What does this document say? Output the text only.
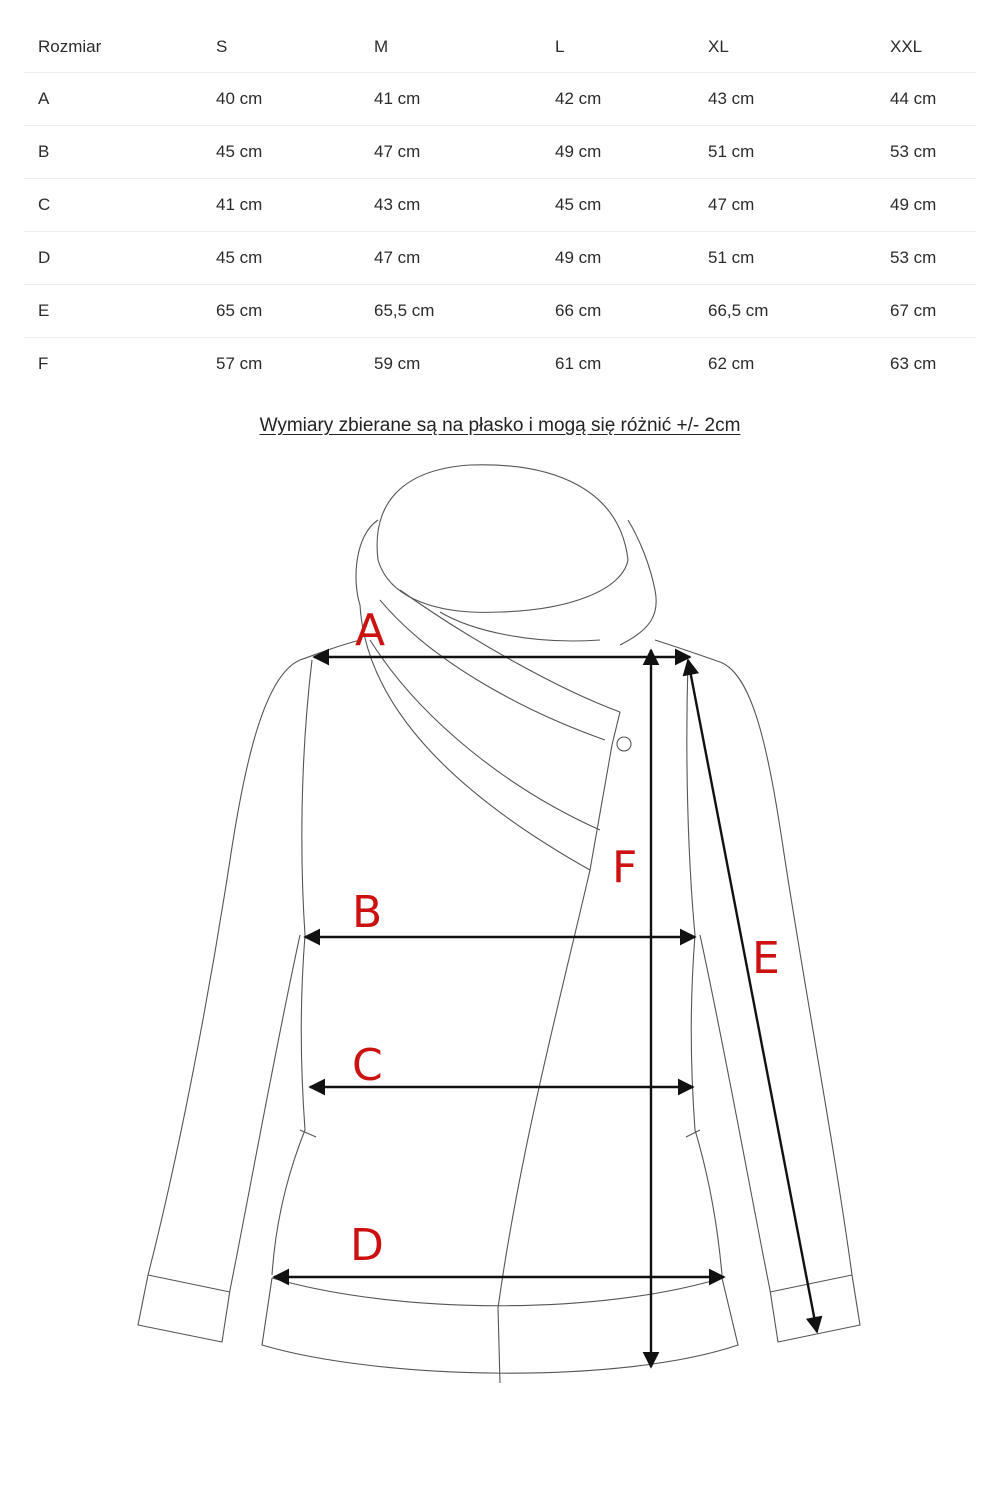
Rozmiar	S	M	L	XL	XXL
A	40 cm	41 cm	42 cm	43 cm	44 cm
B	45 cm	47 cm	49 cm	51 cm	53 cm
C	41 cm	43 cm	45 cm	47 cm	49 cm
D	45 cm	47 cm	49 cm	51 cm	53 cm
E	65 cm	65,5 cm	66 cm	66,5 cm	67 cm
F	57 cm	59 cm	61 cm	62 cm	63 cm
Wymiary zbierane są na płasko i mogą się różnić +/- 2cm
A
B
C
D
E
F
